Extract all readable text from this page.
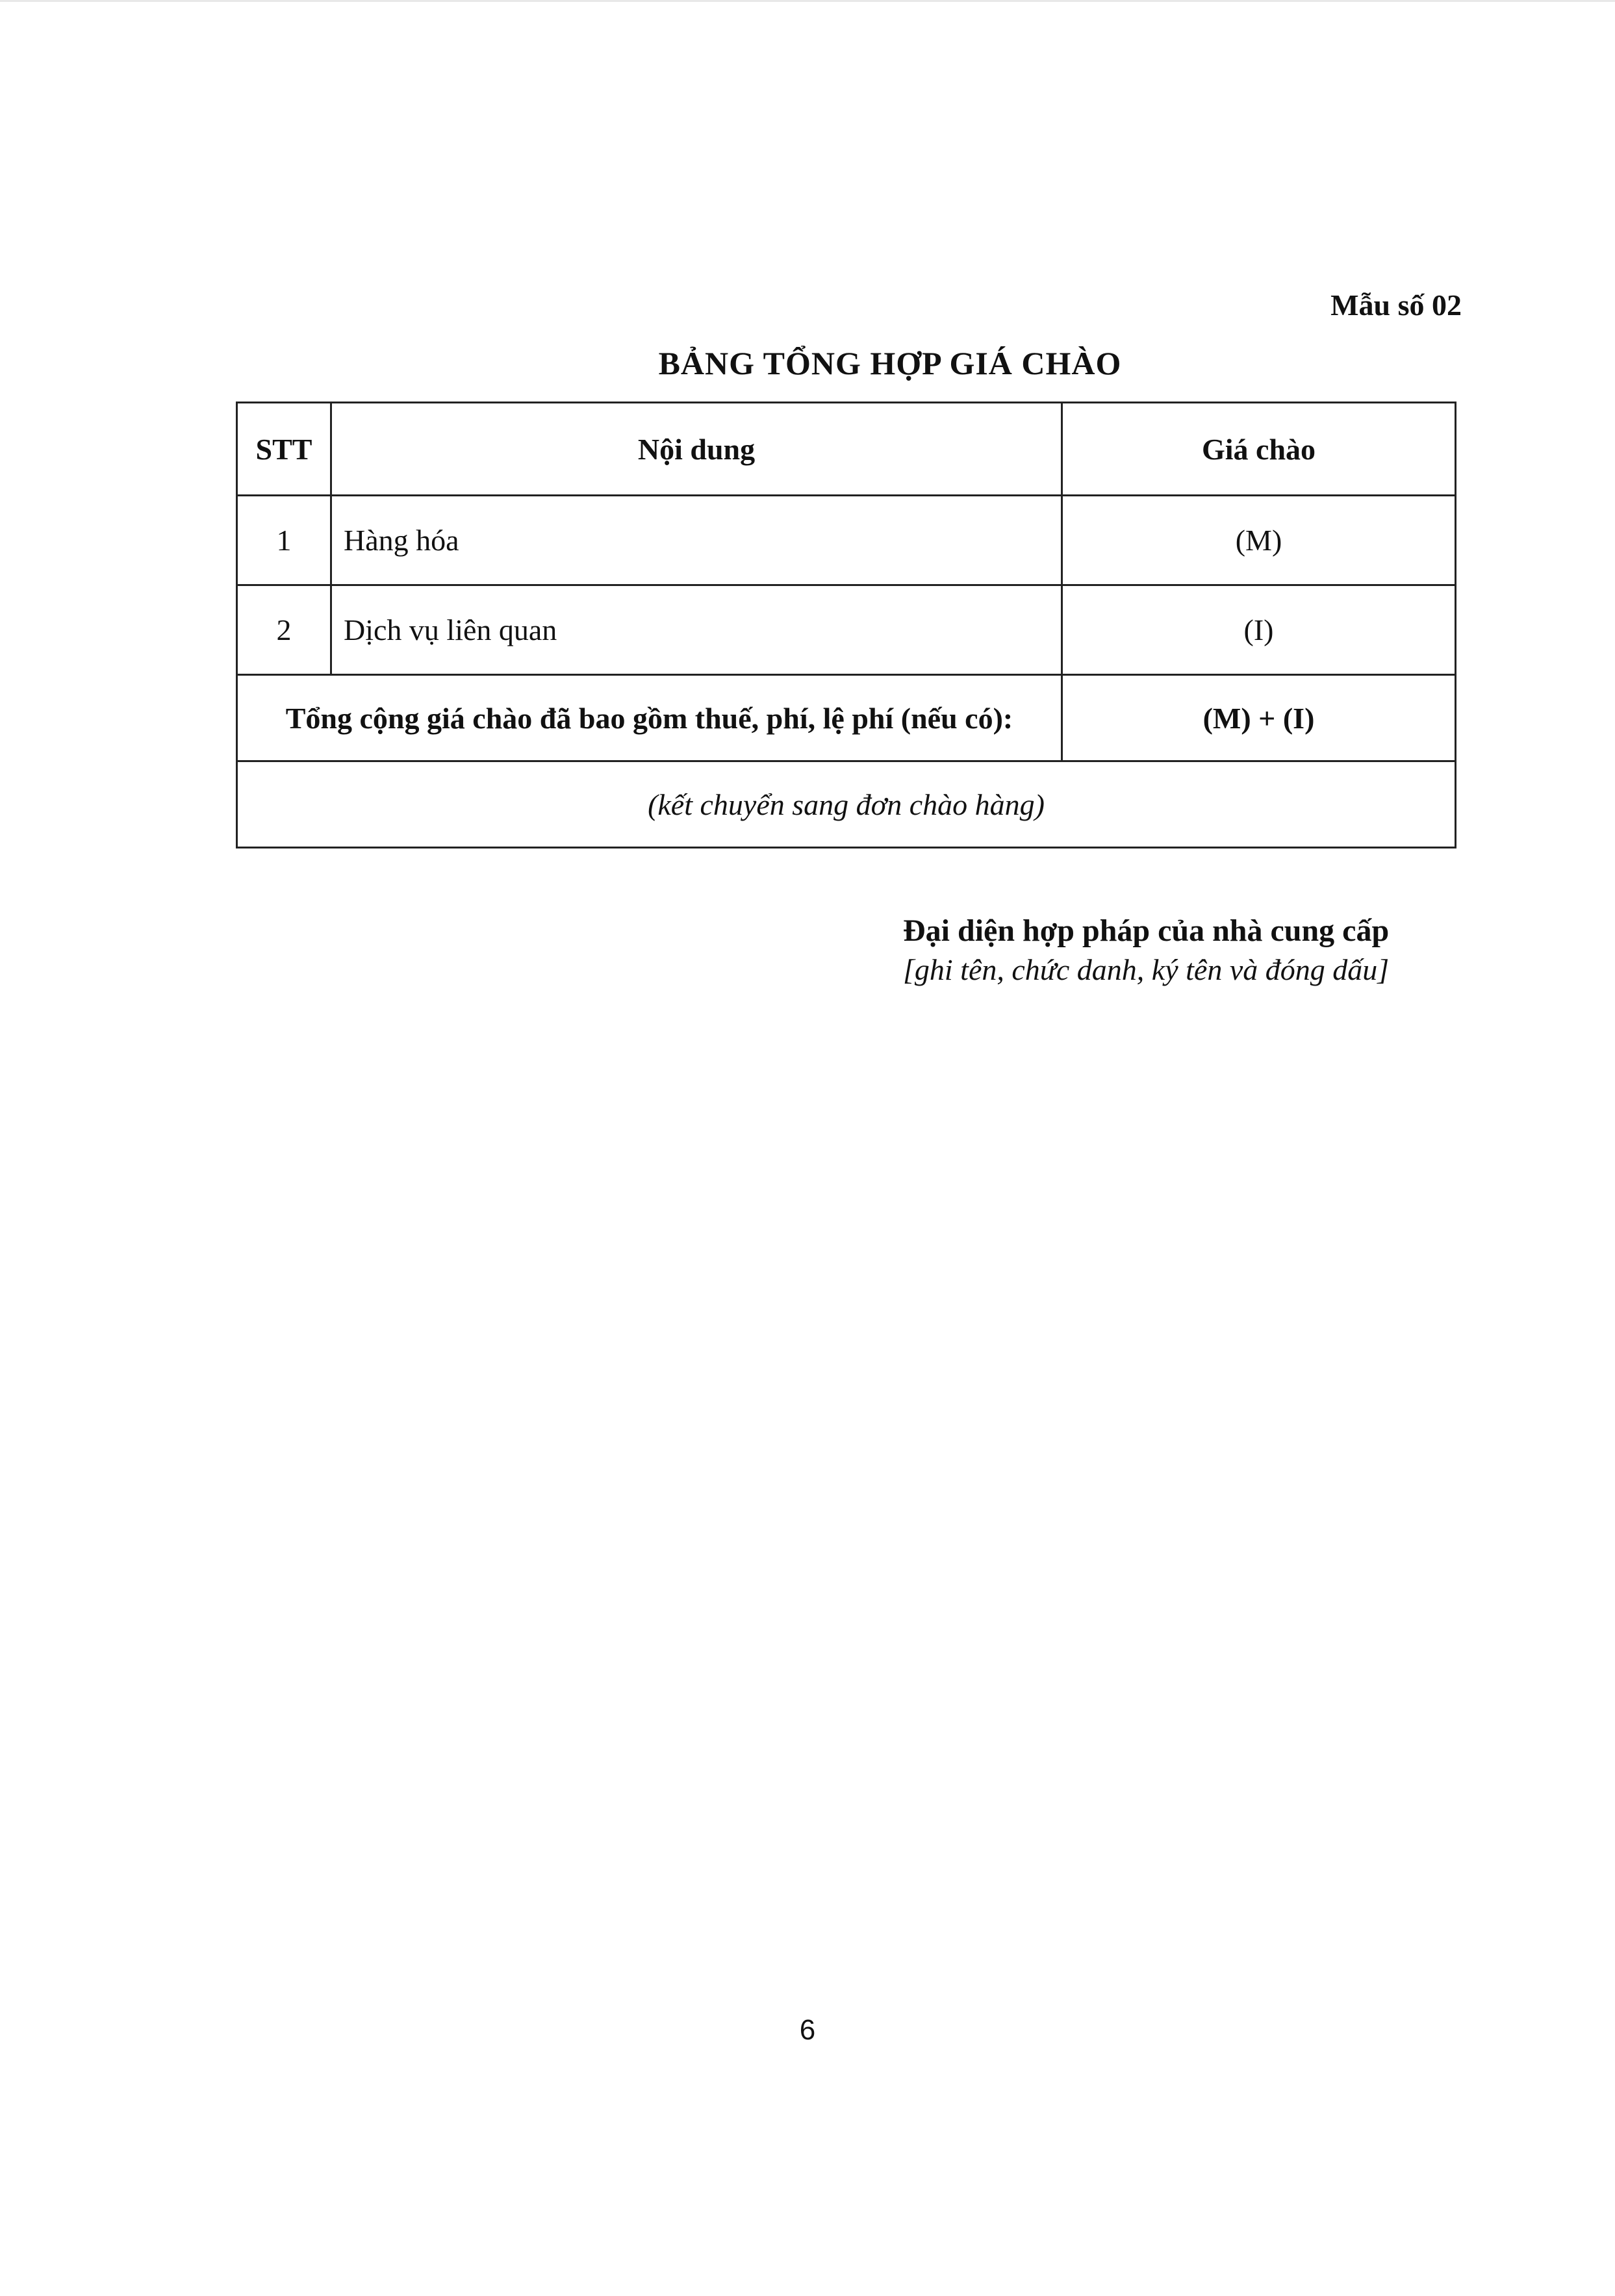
Mẫu số 02
BẢNG TỔNG HỢP GIÁ CHÀO
STT	Nội dung	Giá chào
1	Hàng hóa	(M)
2	Dịch vụ liên quan	(I)
Tổng cộng giá chào đã bao gồm thuế, phí, lệ phí (nếu có):		(M) + (I)
(kết chuyển sang đơn chào hàng)		
Đại diện hợp pháp của nhà cung cấp
[ghi tên, chức danh, ký tên và đóng dấu]
6
